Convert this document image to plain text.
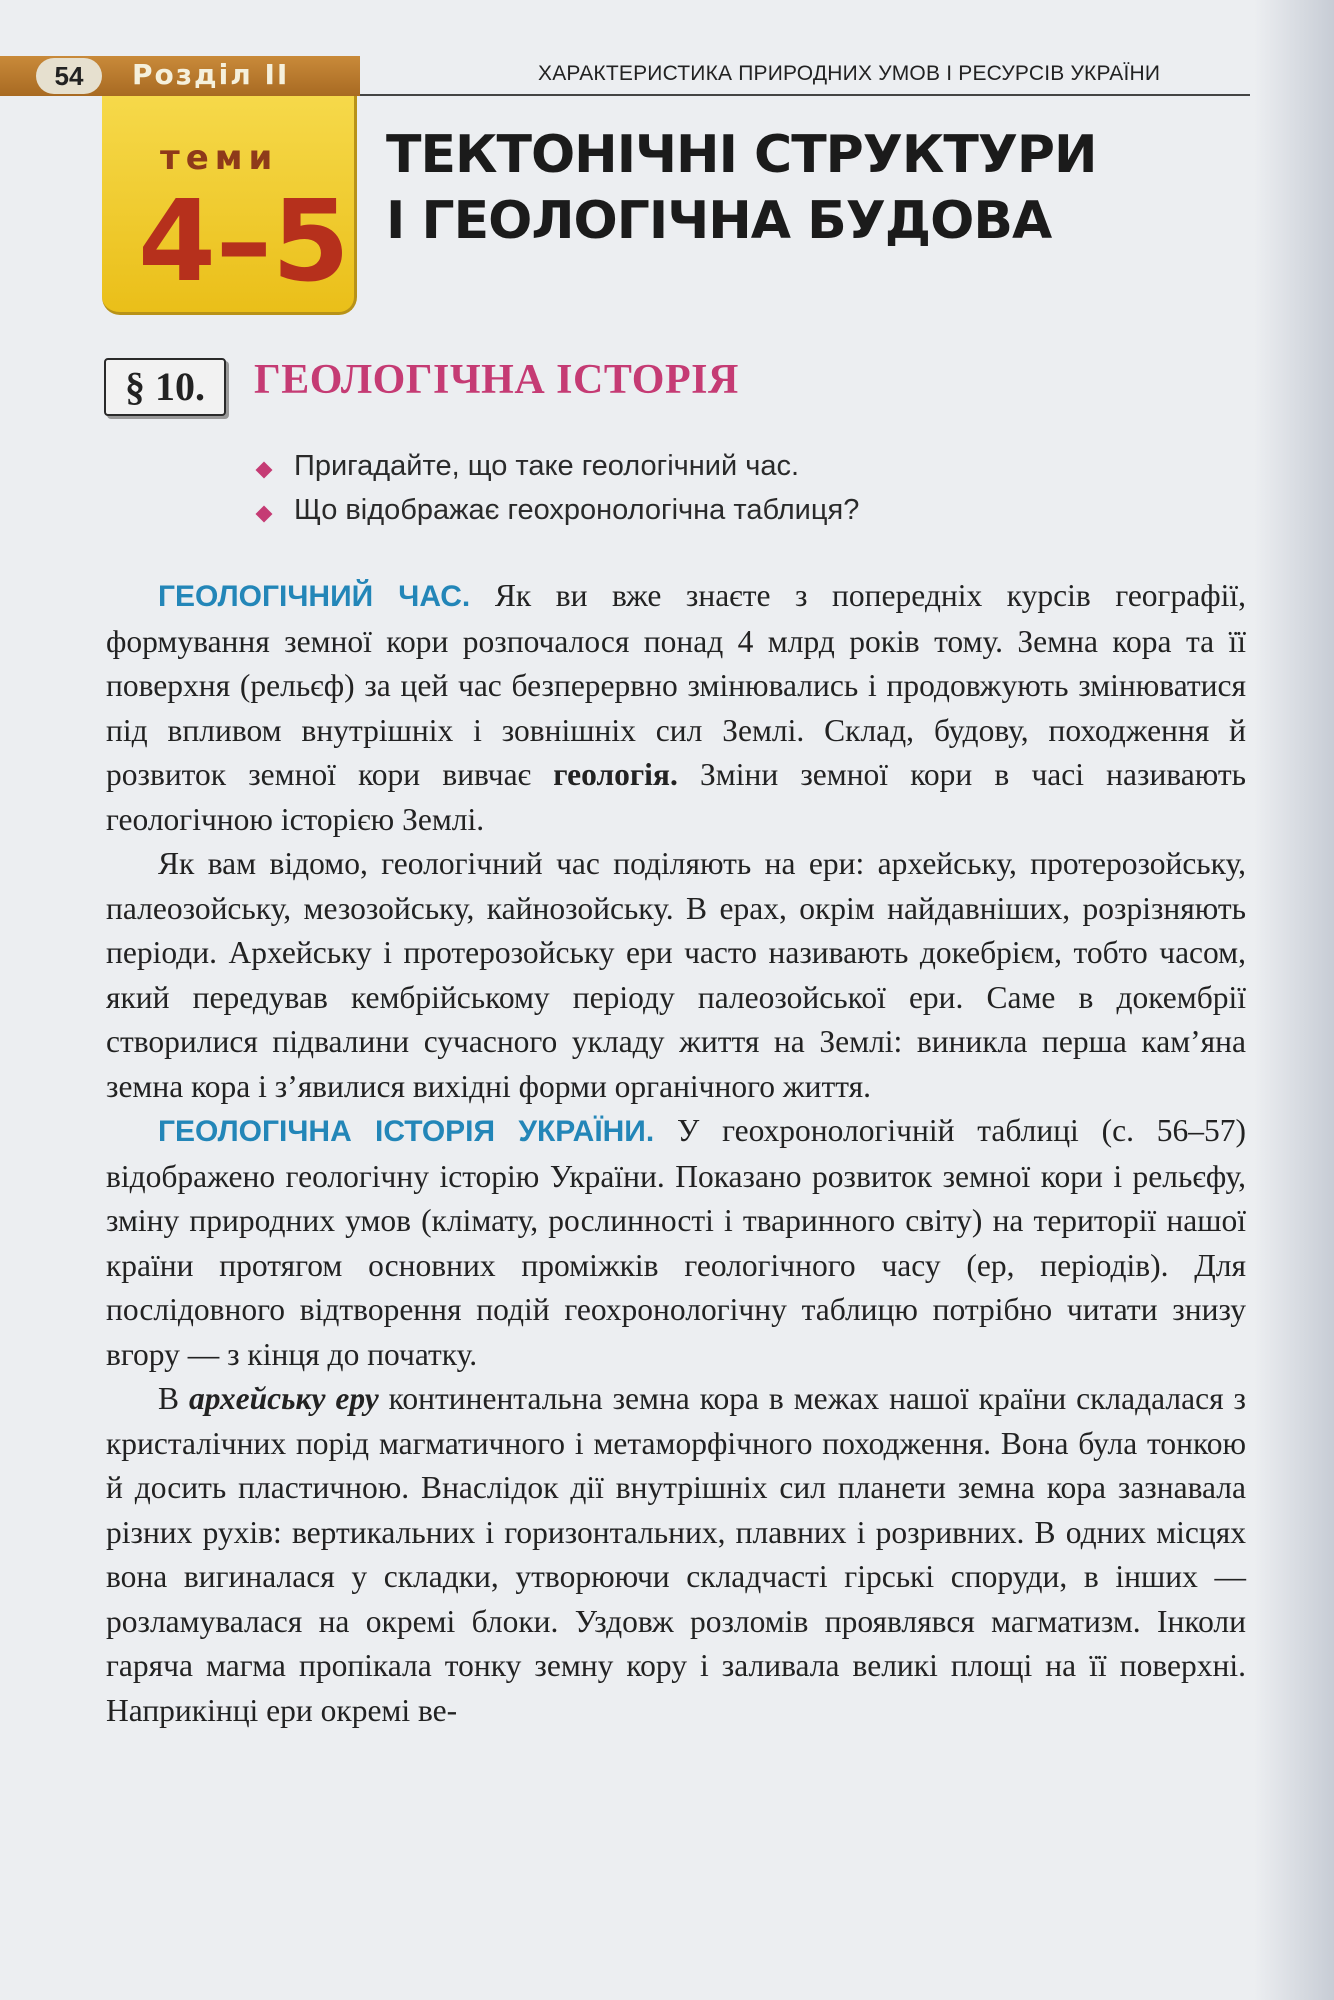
54	Розділ II	ХАРАКТЕРИСТИКА ПРИРОДНИХ УМОВ І РЕСУРСІВ УКРАЇНИ
теми
4–5
ТЕКТОНІЧНІ СТРУКТУРИ
І ГЕОЛОГІЧНА БУДОВА
§ 10.	ГЕОЛОГІЧНА ІСТОРІЯ
Пригадайте, що таке геологічний час.
Що відображає геохронологічна таблиця?

ГЕОЛОГІЧНИЙ ЧАС. Як ви вже знаєте з попередніх курсів географії, формування земної кори розпочалося понад 4 млрд років тому. Земна кора та її поверхня (рельєф) за цей час безперервно змінювались і продовжують змінюватися під впливом внутрішніх і зовнішніх сил Землі. Склад, будову, походження й розвиток земної кори вивчає геологія. Зміни земної кори в часі називають геологічною історією Землі.

Як вам відомо, геологічний час поділяють на ери: архейську, протерозойську, палеозойську, мезозойську, кайнозойську. В ерах, окрім найдавніших, розрізняють періоди. Архейську і протерозойську ери часто називають докебрієм, тобто часом, який передував кембрійському періоду палеозойської ери. Саме в докембрії створилися підвалини сучасного укладу життя на Землі: виникла перша кам’яна земна кора і з’явилися вихідні форми органічного життя.

ГЕОЛОГІЧНА ІСТОРІЯ УКРАЇНИ. У геохронологічній таблиці (с. 56–57) відображено геологічну історію України. Показано розвиток земної кори і рельєфу, зміну природних умов (клімату, рослинності і тваринного світу) на території нашої країни протягом основних проміжків геологічного часу (ер, періодів). Для послідовного відтворення подій геохронологічну таблицю потрібно читати знизу вгору — з кінця до початку.

В архейську еру континентальна земна кора в межах нашої країни складалася з кристалічних порід магматичного і метаморфічного походження. Вона була тонкою й досить пластичною. Внаслідок дії внутрішніх сил планети земна кора зазнавала різних рухів: вертикальних і горизонтальних, плавних і розривних. В одних місцях вона вигиналася у складки, утворюючи складчасті гірські споруди, в інших — розламувалася на окремі блоки. Уздовж розломів проявлявся магматизм. Інколи гаряча магма пропікала тонку земну кору і заливала великі площі на її поверхні. Наприкінці ери окремі ве-
